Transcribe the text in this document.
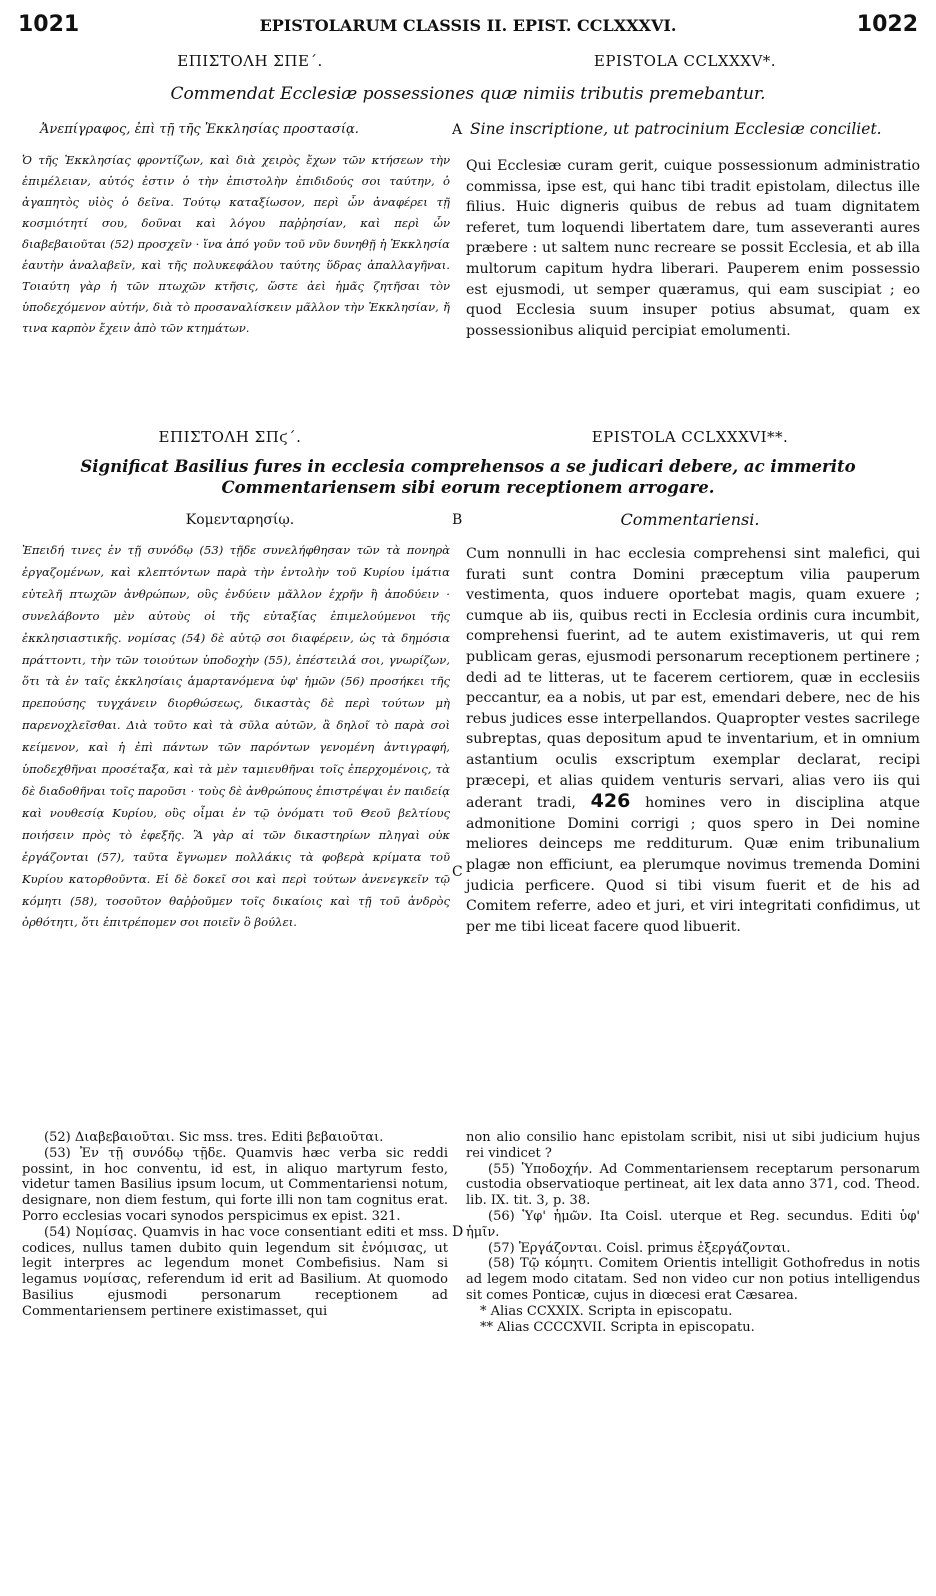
1021	EPISTOLARUM CLASSIS II. EPIST. CCLXXXVI.	1022
ΕΠΙΣΤΟΛΗ ΣΠΕ΄.	EPISTOLA CCLXXXV*.
Commendat Ecclesiæ possessiones quæ nimiis tributis premebantur.
Ἀνεπίγραφος, ἐπὶ τῇ τῆς Ἐκκλησίας προστασίᾳ.	A Sine inscriptione, ut patrocinium Ecclesiæ conciliet.
Ὁ τῆς Ἐκκλησίας φροντίζων, καὶ διὰ χειρὸς ἔχων τῶν κτήσεων τὴν ἐπιμέλειαν, αὐτός ἐστιν ὁ τὴν ἐπιστολὴν ἐπιδιδούς σοι ταύτην, ὁ ἀγαπητὸς υἱὸς ὁ δεῖνα. Τούτῳ καταξίωσον, περὶ ὧν ἀναφέρει τῇ κοσμιότητί σου, δοῦναι καὶ λόγου παῤῥησίαν, καὶ περὶ ὧν διαβεβαιοῦται (52) προσχεῖν · ἵνα ἀπό γοῦν τοῦ νῦν δυνηθῇ ἡ Ἐκκλησία ἑαυτὴν ἀναλαβεῖν, καὶ τῆς πολυκεφάλου ταύτης ὕδρας ἀπαλλαγῆναι. Τοιαύτη γὰρ ἡ τῶν πτωχῶν κτῆσις, ὥστε ἀεὶ ἡμᾶς ζητῆσαι τὸν ὑποδεχόμενον αὐτήν, διὰ τὸ προσαναλίσκειν μᾶλλον τὴν Ἐκκλησίαν, ἤ τινα καρπὸν ἔχειν ἀπὸ τῶν κτημάτων.
Qui Ecclesiæ curam gerit, cuique possessionum administratio commissa, ipse est, qui hanc tibi tradit epistolam, dilectus ille filius. Huic digneris quibus de rebus ad tuam dignitatem referet, tum loquendi libertatem dare, tum asseveranti aures præbere : ut saltem nunc recreare se possit Ecclesia, et ab illa multorum capitum hydra liberari. Pauperem enim possessio est ejusmodi, ut semper quæramus, qui eam suscipiat ; eo quod Ecclesia suum insuper potius absumat, quam ex possessionibus aliquid percipiat emolumenti.
ΕΠΙΣΤΟΛΗ ΣΠϛ΄.	EPISTOLA CCLXXXVI**.
Significat Basilius fures in ecclesia comprehensos a se judicari debere, ac immerito Commentariensem sibi eorum receptionem arrogare.
Κομενταρησίῳ.	B	Commentariensi.
Ἐπειδή τινες ἐν τῇ συνόδῳ (53) τῇδε συνελήφθησαν τῶν τὰ πονηρὰ ἐργαζομένων, καὶ κλεπτόντων παρὰ τὴν ἐντολὴν τοῦ Κυρίου ἱμάτια εὐτελῆ πτωχῶν ἀνθρώπων, οὓς ἐνδύειν μᾶλλον ἐχρῆν ἢ ἀποδύειν · συνελάβοντο μὲν αὐτοὺς οἱ τῆς εὐταξίας ἐπιμελούμενοι τῆς ἐκκλησιαστικῆς. νομίσας (54) δὲ αὐτῷ σοι διαφέρειν, ὡς τὰ δημόσια πράττοντι, τὴν τῶν τοιούτων ὑποδοχὴν (55), ἐπέστειλά σοι, γνωρίζων, ὅτι τὰ ἐν ταῖς ἐκκλησίαις ἁμαρτανόμενα ὑφ' ἡμῶν (56) προσήκει τῆς πρεπούσης τυγχάνειν διορθώσεως, δικαστὰς δὲ περὶ τούτων μὴ παρενοχλεῖσθαι. Διὰ τοῦτο καὶ τὰ σῦλα αὐτῶν, ἃ δηλοῖ τὸ παρὰ σοὶ κείμενον, καὶ ἡ ἐπὶ πάντων τῶν παρόντων γενομένη ἀντιγραφή, ὑποδεχθῆναι προσέταξα, καὶ τὰ μὲν ταμιευθῆναι τοῖς ἐπερχομένοις, τὰ δὲ διαδοθῆναι τοῖς παροῦσι · τοὺς δὲ ἀνθρώπους ἐπιστρέψαι ἐν παιδείᾳ καὶ νουθεσίᾳ Κυρίου, οὓς οἶμαι ἐν τῷ ὀνόματι τοῦ Θεοῦ βελτίους ποιήσειν πρὸς τὸ ἐφεξῆς. Ἃ γὰρ αἱ τῶν δικαστηρίων πληγαὶ οὐκ ἐργάζονται (57), ταῦτα ἔγνωμεν πολλάκις τὰ φοβερὰ κρίματα τοῦ Κυρίου κατορθοῦντα. Εἰ δὲ δοκεῖ σοι καὶ περὶ τούτων ἀνενεγκεῖν τῷ κόμητι (58), τοσοῦτον θαῤῥοῦμεν τοῖς δικαίοις καὶ τῇ τοῦ ἀνδρὸς ὀρθότητι, ὅτι ἐπιτρέπομεν σοι ποιεῖν ὃ βούλει.
C
Cum nonnulli in hac ecclesia comprehensi sint malefici, qui furati sunt contra Domini præceptum vilia pauperum vestimenta, quos induere oportebat magis, quam exuere ; cumque ab iis, quibus recti in Ecclesia ordinis cura incumbit, comprehensi fuerint, ad te autem existimaveris, ut qui rem publicam geras, ejusmodi personarum receptionem pertinere ; dedi ad te litteras, ut te facerem certiorem, quæ in ecclesiis peccantur, ea a nobis, ut par est, emendari debere, nec de his rebus judices esse interpellandos. Quapropter vestes sacrilege subreptas, quas depositum apud te inventarium, et in omnium astantium oculis exscriptum exemplar declarat, recipi præcepi, et alias quidem venturis servari, alias vero iis qui aderant tradi, 426 homines vero in disciplina atque admonitione Domini corrigi ; quos spero in Dei nomine meliores deinceps me redditurum. Quæ enim tribunalium plagæ non efficiunt, ea plerumque novimus tremenda Domini judicia perficere. Quod si tibi visum fuerit et de his ad Comitem referre, adeo et juri, et viri integritati confidimus, ut per me tibi liceat facere quod libuerit.

(52) Διαβεβαιοῦται. Sic mss. tres. Editi βεβαιοῦται.

(53) Ἐν τῇ συνόδῳ τῇδε. Quamvis hæc verba sic reddi possint, in hoc conventu, id est, in aliquo martyrum festo, videtur tamen Basilius ipsum locum, ut Commentariensi notum, designare, non diem festum, qui forte illi non tam cognitus erat. Porro ecclesias vocari synodos perspicimus ex epist. 321.

(54) Νομίσας. Quamvis in hac voce consentiant editi et mss. codices, nullus tamen dubito quin legendum sit ἐνόμισας, ut legit interpres ac legendum monet Combefisius. Nam si legamus νομίσας, referendum id erit ad Basilium. At quomodo Basilius ejusmodi personarum receptionem ad Commentariensem pertinere existimasset, qui

D

non alio consilio hanc epistolam scribit, nisi ut sibi judicium hujus rei vindicet ?

(55) Ὑποδοχήν. Ad Commentariensem receptarum personarum custodia observatioque pertineat, ait lex data anno 371, cod. Theod. lib. IX. tit. 3, p. 38.

(56) Ὑφ' ἡμῶν. Ita Coisl. uterque et Reg. secundus. Editi ὑφ' ἡμῖν.

(57) Ἐργάζονται. Coisl. primus ἐξεργάζονται.

(58) Τῷ κόμητι. Comitem Orientis intelligit Gothofredus in notis ad legem modo citatam. Sed non video cur non potius intelligendus sit comes Ponticæ, cujus in diœcesi erat Cæsarea.

* Alias CCXXIX. Scripta in episcopatu.

** Alias CCCCXVII. Scripta in episcopatu.
